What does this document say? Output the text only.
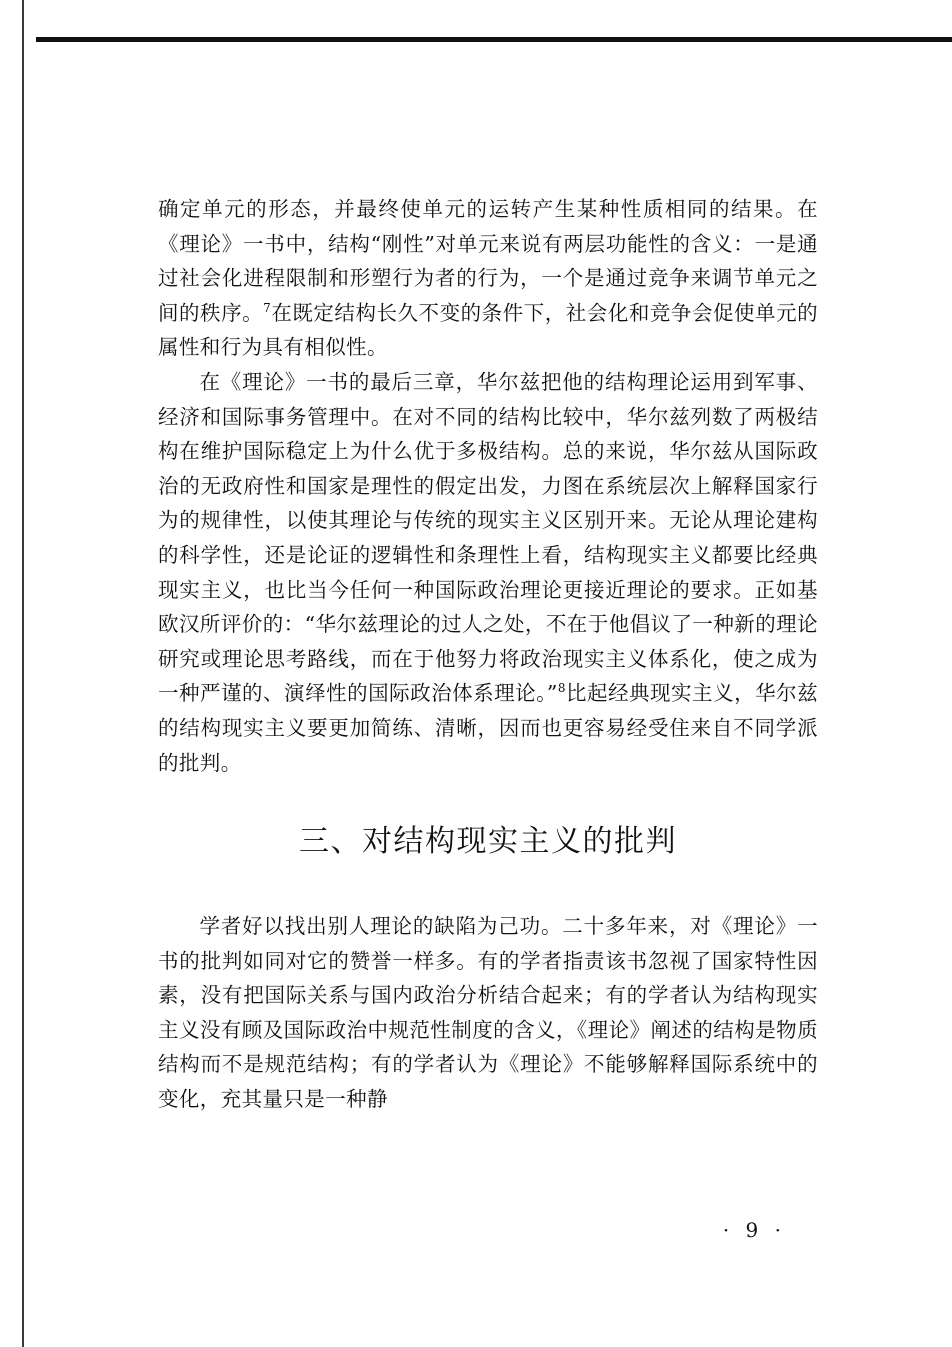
确定单元的形态，并最终使单元的运转产生某种性质相同的结果。在《理论》一书中，结构“刚性”对单元来说有两层功能性的含义：一是通过社会化进程限制和形塑行为者的行为，一个是通过竞争来调节单元之间的秩序。$^7$在既定结构长久不变的条件下，社会化和竞争会促使单元的属性和行为具有相似性。

在《理论》一书的最后三章，华尔兹把他的结构理论运用到军事、经济和国际事务管理中。在对不同的结构比较中，华尔兹列数了两极结构在维护国际稳定上为什么优于多极结构。总的来说，华尔兹从国际政治的无政府性和国家是理性的假定出发，力图在系统层次上解释国家行为的规律性，以使其理论与传统的现实主义区别开来。无论从理论建构的科学性，还是论证的逻辑性和条理性上看，结构现实主义都要比经典现实主义，也比当今任何一种国际政治理论更接近理论的要求。正如基欧汉所评价的：“华尔兹理论的过人之处，不在于他倡议了一种新的理论研究或理论思考路线，而在于他努力将政治现实主义体系化，使之成为一种严谨的、演绎性的国际政治体系理论。”$^8$比起经典现实主义，华尔兹的结构现实主义要更加简练、清晰，因而也更容易经受住来自不同学派的批判。

三、对结构现实主义的批判

学者好以找出别人理论的缺陷为己功。二十多年来，对《理论》一书的批判如同对它的赞誉一样多。有的学者指责该书忽视了国家特性因素，没有把国际关系与国内政治分析结合起来；有的学者认为结构现实主义没有顾及国际政治中规范性制度的含义，《理论》阐述的结构是物质结构而不是规范结构；有的学者认为《理论》不能够解释国际系统中的变化，充其量只是一种静

· 9 ·
